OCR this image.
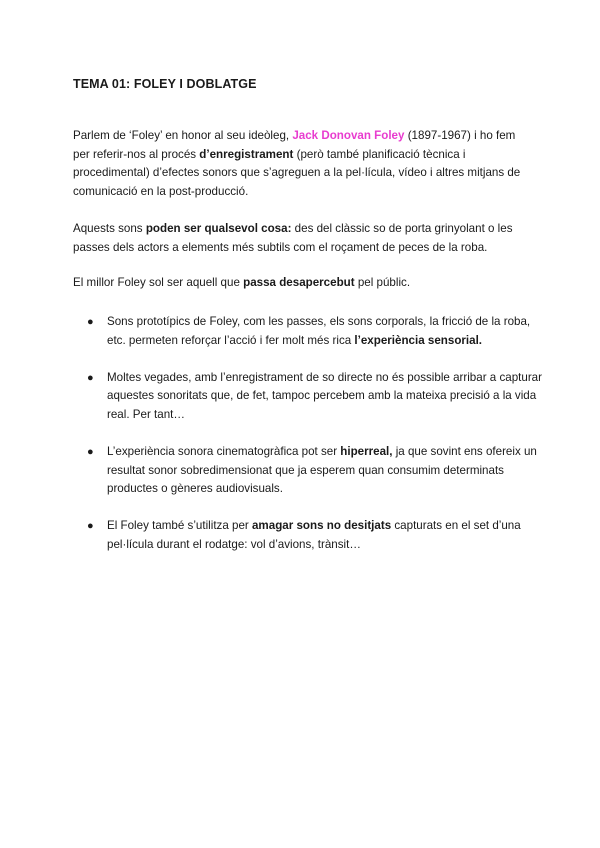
TEMA 01: FOLEY I DOBLATGE
Parlem de ‘Foley’ en honor al seu ideòleg, Jack Donovan Foley (1897-1967) i ho fem per referir-nos al procés d’enregistrament (però també planificació tècnica i procedimental) d’efectes sonors que s’agreguen a la pel·lícula, vídeo i altres mitjans de comunicació en la post-producció.
Aquests sons poden ser qualsevol cosa: des del clàssic so de porta grinyolant o les passes dels actors a elements més subtils com el roçament de peces de la roba.
El millor Foley sol ser aquell que passa desapercebut pel públic.
● Sons prototípics de Foley, com les passes, els sons corporals, la fricció de la roba, etc. permeten reforçar l’acció i fer molt més rica l’experiència sensorial.
● Moltes vegades, amb l’enregistrament de so directe no és possible arribar a capturar aquestes sonoritats que, de fet, tampoc percebem amb la mateixa precisió a la vida real. Per tant…
● L’experiència sonora cinematogràfica pot ser hiperreal, ja que sovint ens ofereix un resultat sonor sobredimensionat que ja esperem quan consumim determinats productes o gèneres audiovisuals.
● El Foley també s’utilitza per amagar sons no desitjats capturats en el set d’una pel·lícula durant el rodatge: vol d’avions, trànsit…
